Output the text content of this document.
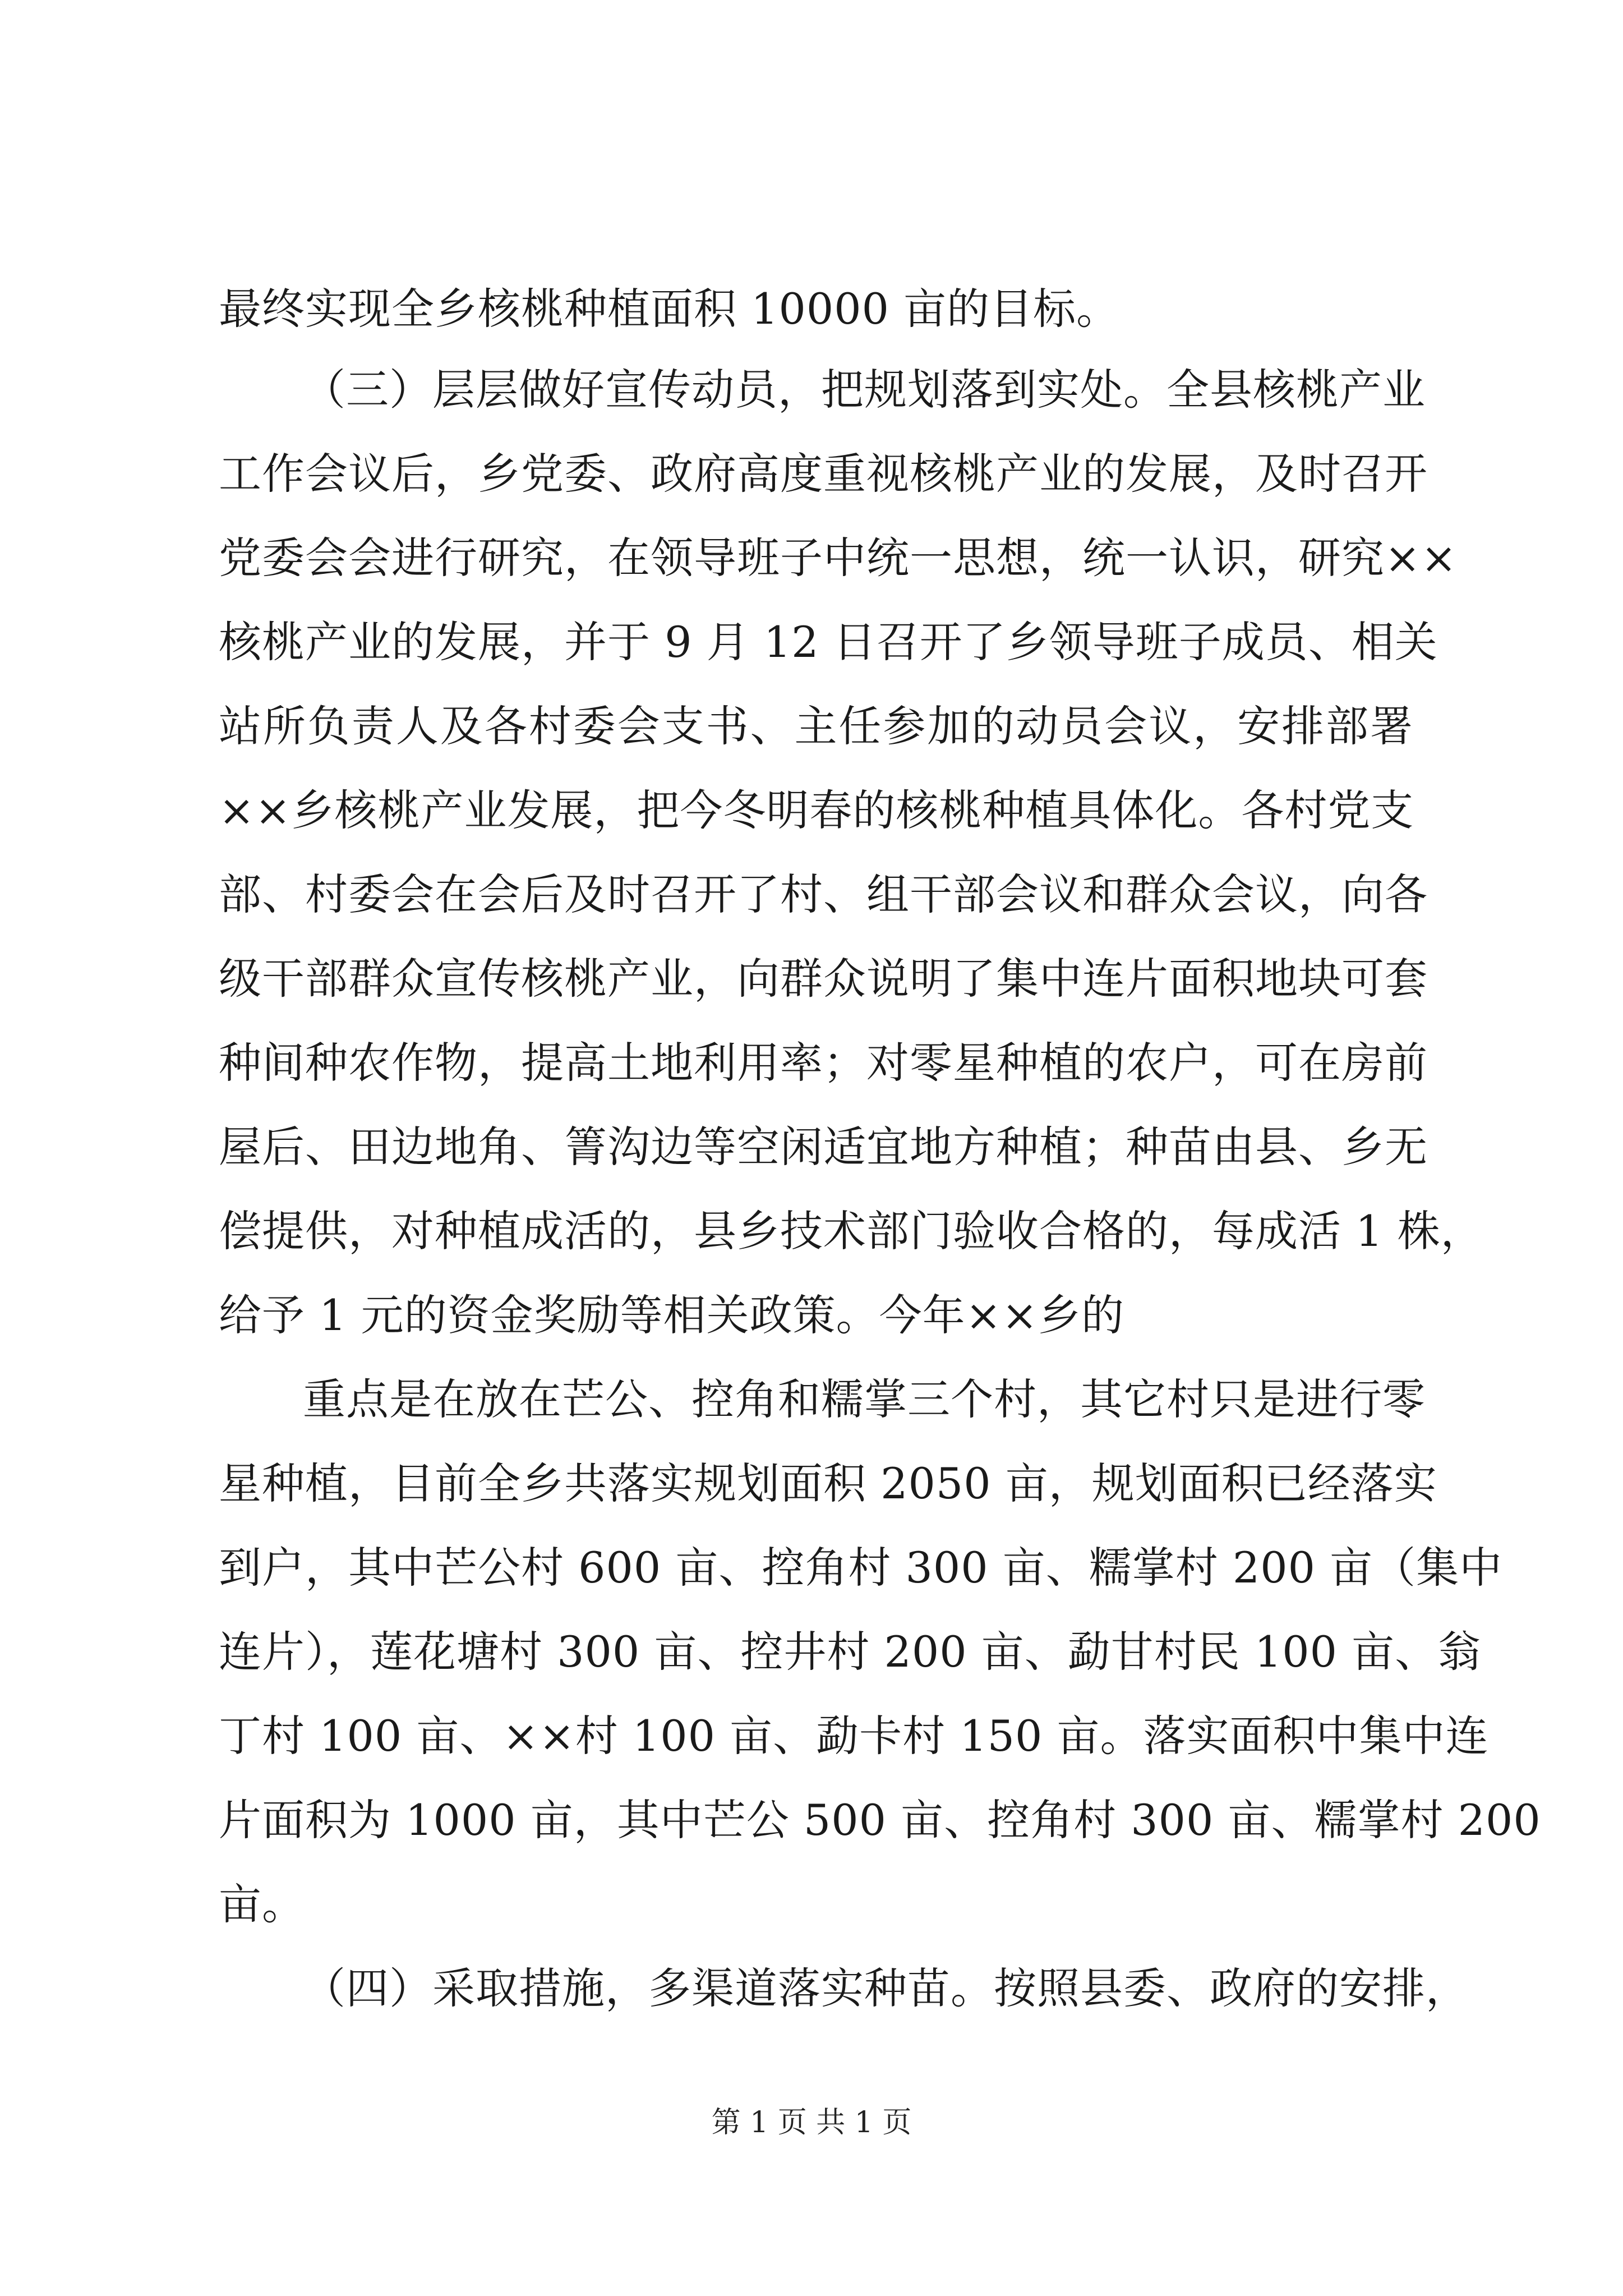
最终实现全乡核桃种植面积 10000 亩的目标。
（三）层层做好宣传动员，把规划落到实处。全县核桃产业
工作会议后，乡党委、政府高度重视核桃产业的发展，及时召开
党委会会进行研究，在领导班子中统一思想，统一认识，研究××
核桃产业的发展，并于 9 月 12 日召开了乡领导班子成员、相关
站所负责人及各村委会支书、主任参加的动员会议，安排部署
××乡核桃产业发展，把今冬明春的核桃种植具体化。各村党支
部、村委会在会后及时召开了村、组干部会议和群众会议，向各
级干部群众宣传核桃产业，向群众说明了集中连片面积地块可套
种间种农作物，提高土地利用率；对零星种植的农户，可在房前
屋后、田边地角、箐沟边等空闲适宜地方种植；种苗由县、乡无
偿提供，对种植成活的，县乡技术部门验收合格的，每成活 1 株，
给予 1 元的资金奖励等相关政策。今年××乡的
重点是在放在芒公、控角和糯掌三个村，其它村只是进行零
星种植，目前全乡共落实规划面积 2050 亩，规划面积已经落实
到户，其中芒公村 600 亩、控角村 300 亩、糯掌村 200 亩（集中
连片），莲花塘村 300 亩、控井村 200 亩、勐甘村民 100 亩、翁
丁村 100 亩、××村 100 亩、勐卡村 150 亩。落实面积中集中连
片面积为 1000 亩，其中芒公 500 亩、控角村 300 亩、糯掌村 200
亩。
（四）采取措施，多渠道落实种苗。按照县委、政府的安排，
第 1 页 共 1 页
